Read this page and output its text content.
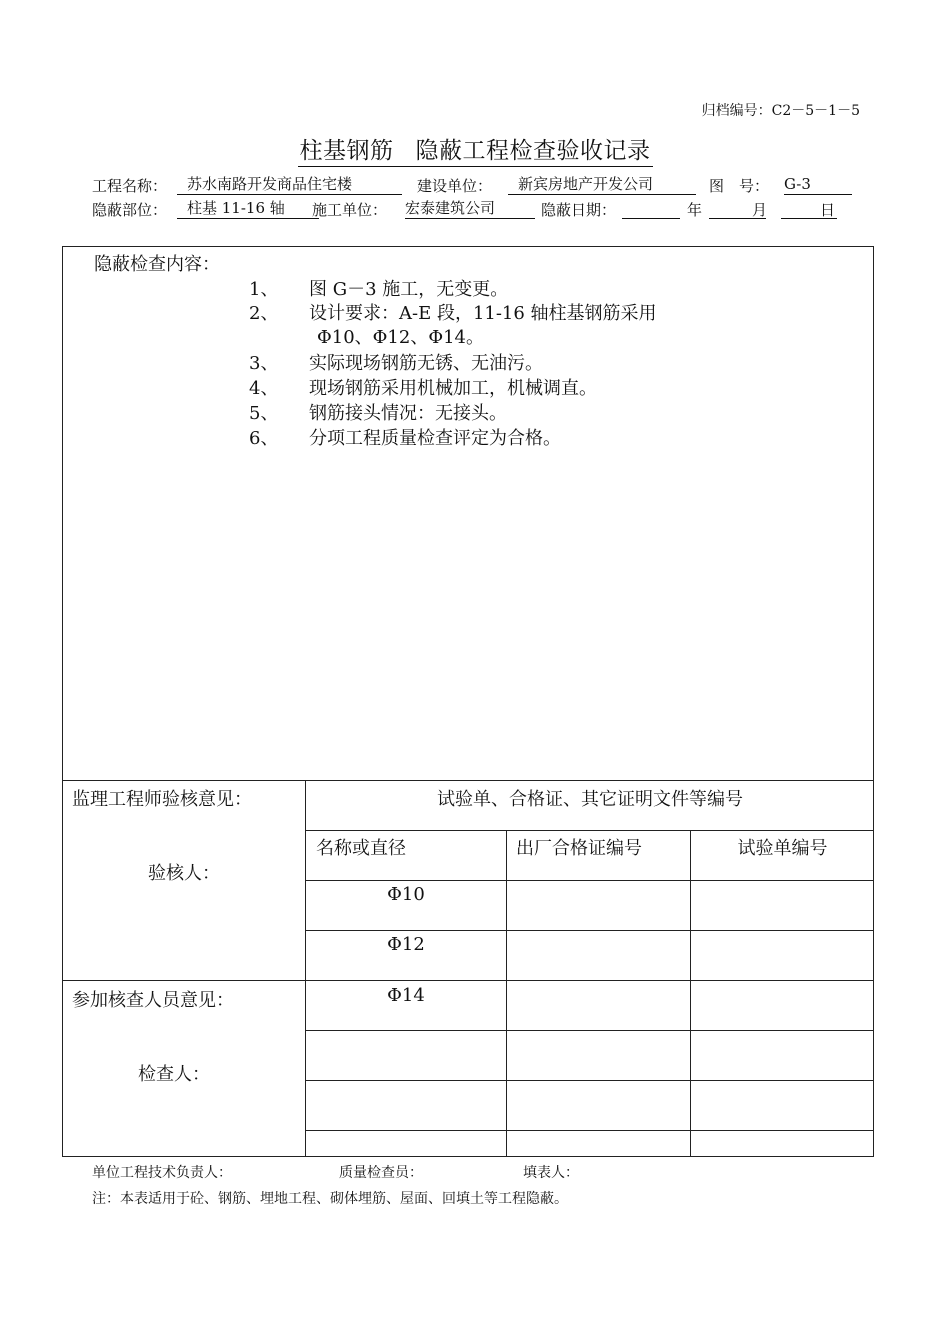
归档编号：C2－5－1－5
柱基钢筋 隐蔽工程检查验收记录
工程名称：	苏水南路开发商品住宅楼	建设单位：	新宾房地产开发公司	图　号： G-3
隐蔽部位：	柱基 11-16 轴	施工单位： 宏泰建筑公司	隐蔽日期：	年	月	日
隐蔽检查内容：
1、 图 G－3 施工，无变更。
2、 设计要求：A-E 段，11-16 轴柱基钢筋采用
Φ10、Φ12、Φ14。
3、 实际现场钢筋无锈、无油污。
4、 现场钢筋采用机械加工，机械调直。
5、 钢筋接头情况：无接头。
6、 分项工程质量检查评定为合格。
监理工程师验核意见：
验核人：
参加核查人员意见：
检查人：
试验单、合格证、其它证明文件等编号
名称或直径	出厂合格证编号	试验单编号
Φ10
Φ12
Φ14
单位工程技术负责人：	质量检查员：	填表人：
注：本表适用于砼、钢筋、埋地工程、砌体埋筋、屋面、回填土等工程隐蔽。
